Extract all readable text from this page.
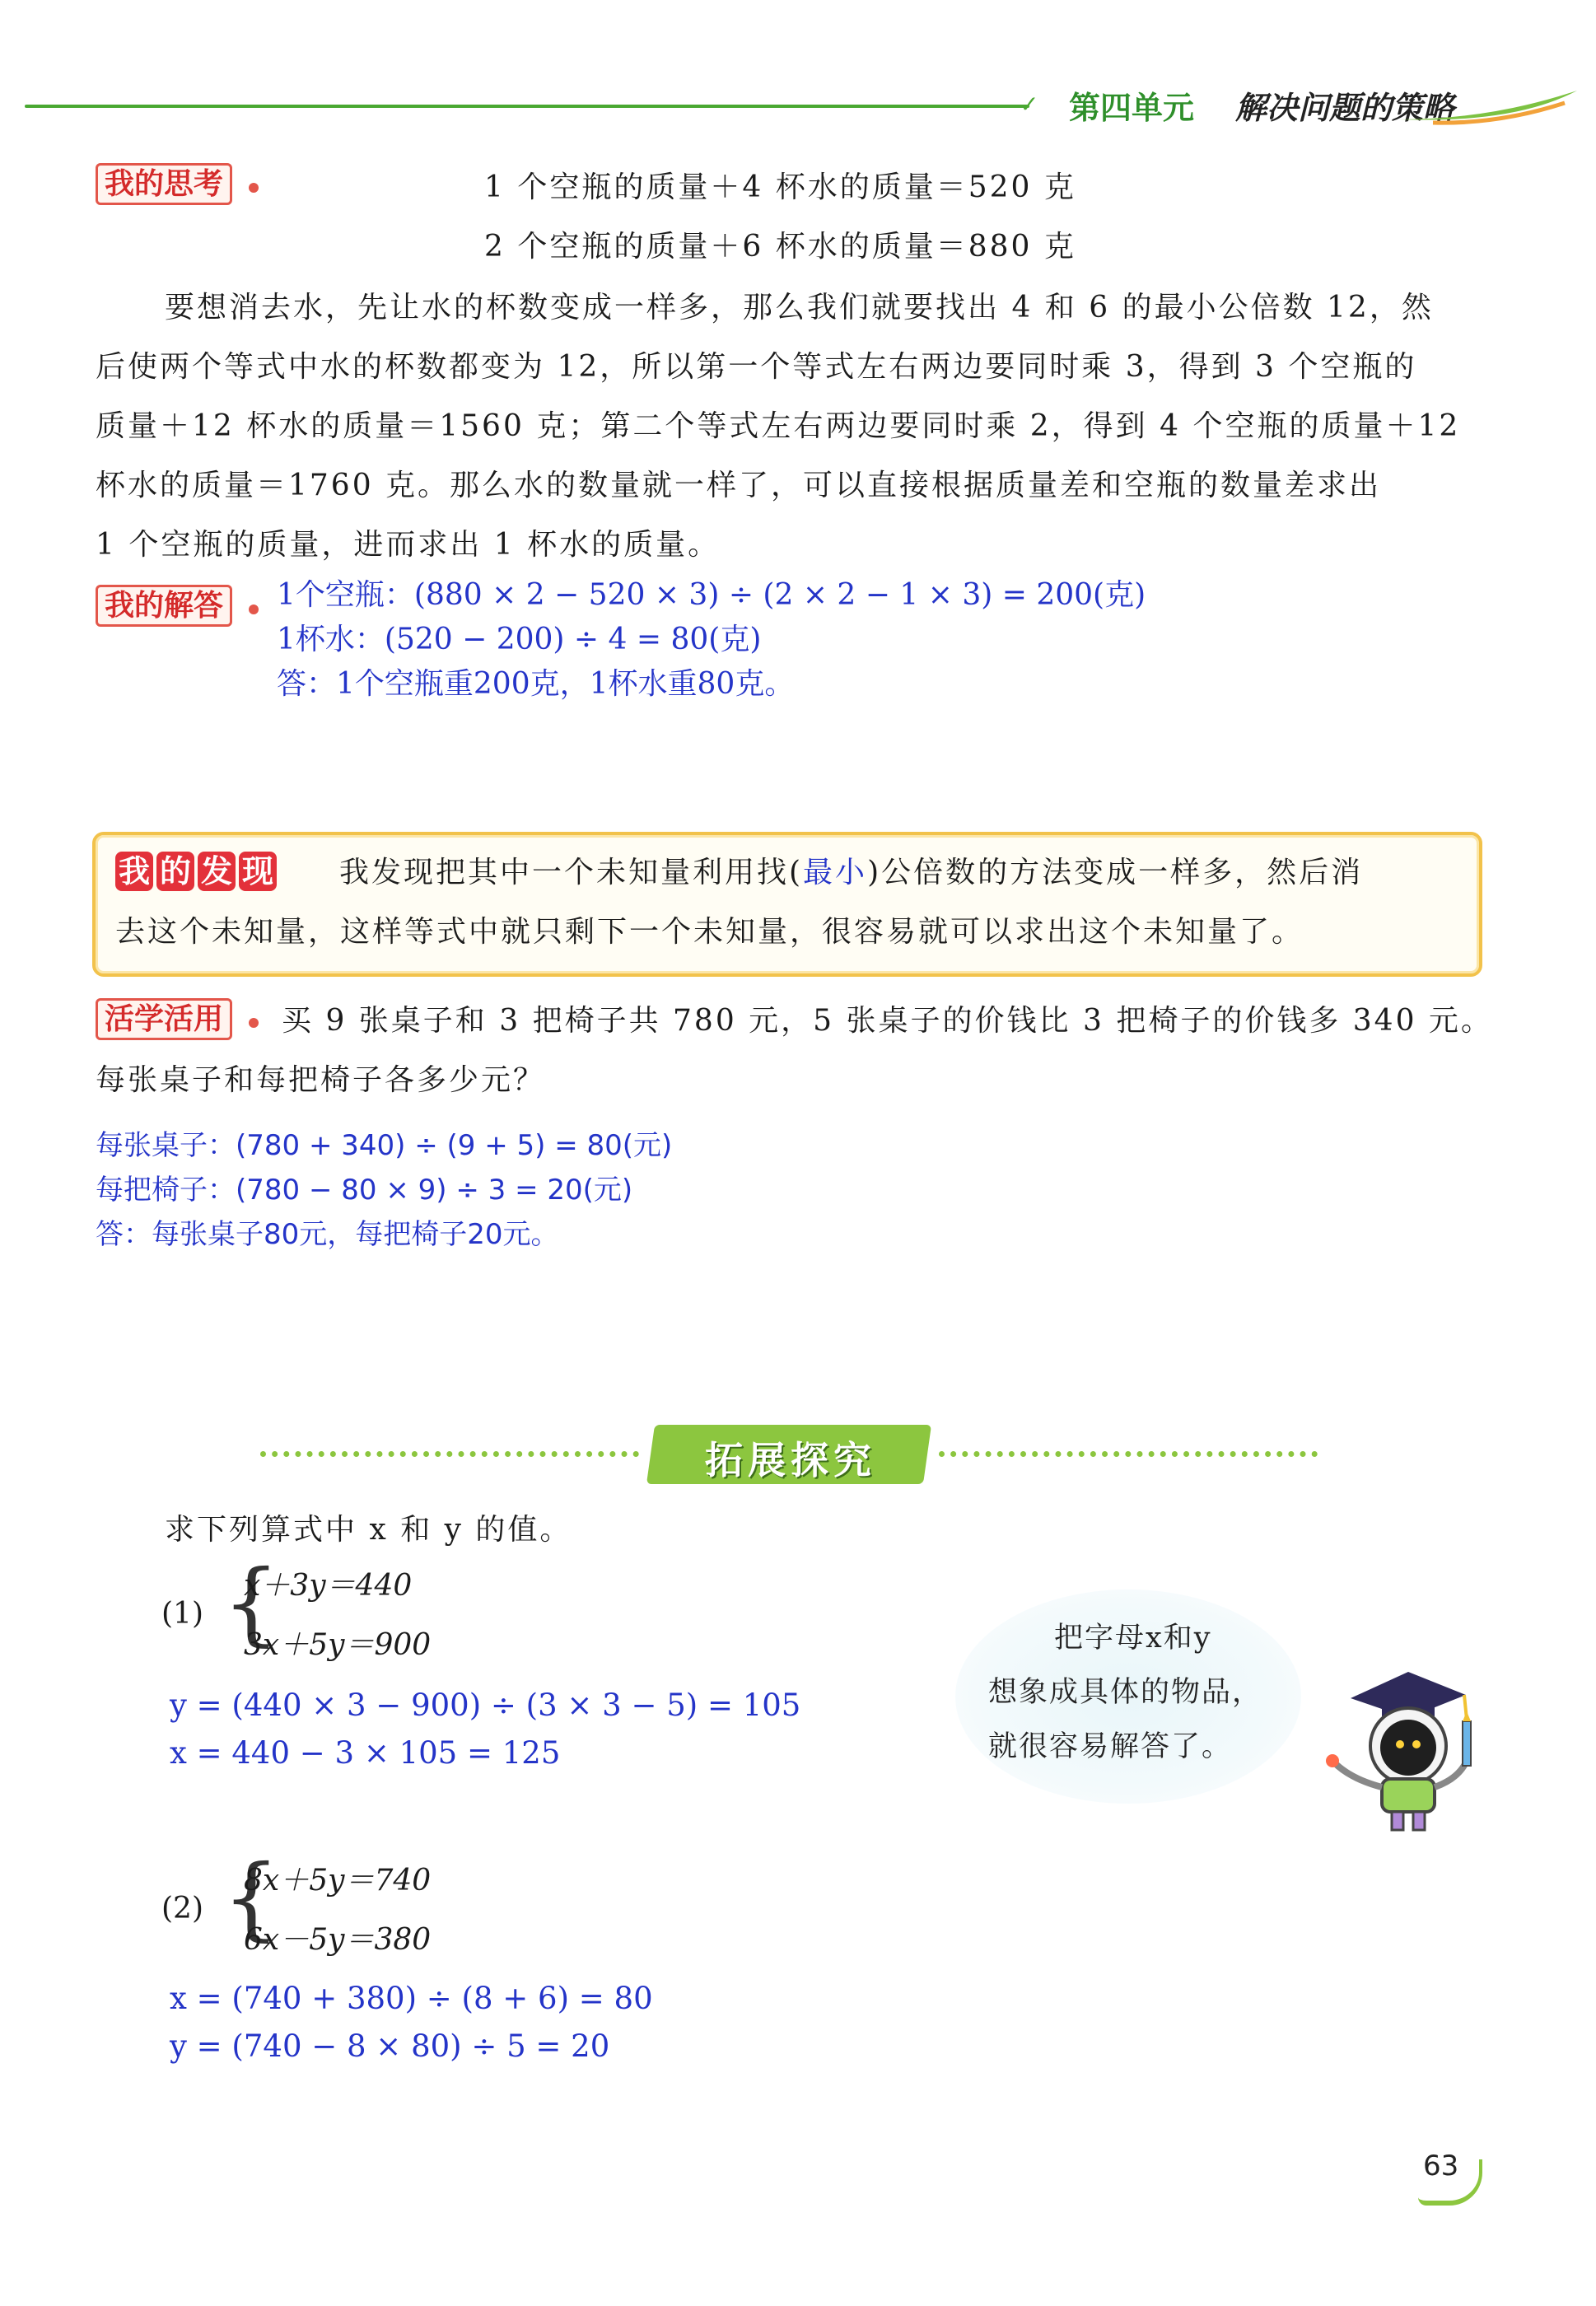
✓ 第四单元 解决问题的策略
我的思考	1 个空瓶的质量＋4 杯水的质量＝520 克
2 个空瓶的质量＋6 杯水的质量＝880 克
要想消去水，先让水的杯数变成一样多，那么我们就要找出 4 和 6 的最小公倍数 12，然
后使两个等式中水的杯数都变为 12，所以第一个等式左右两边要同时乘 3，得到 3 个空瓶的
质量＋12 杯水的质量＝1560 克；第二个等式左右两边要同时乘 2，得到 4 个空瓶的质量＋12
杯水的质量＝1760 克。那么水的数量就一样了，可以直接根据质量差和空瓶的数量差求出
1 个空瓶的质量，进而求出 1 杯水的质量。
我的解答	1个空瓶：(880 × 2 − 520 × 3) ÷ (2 × 2 − 1 × 3) = 200(克)
1杯水：(520 − 200) ÷ 4 = 80(克)
答：1个空瓶重200克，1杯水重80克。
我 的 发 现 我发现把其中一个未知量利用找(最小)公倍数的方法变成一样多，然后消
去这个未知量，这样等式中就只剩下一个未知量，很容易就可以求出这个未知量了。
活学活用	买 9 张桌子和 3 把椅子共 780 元，5 张桌子的价钱比 3 把椅子的价钱多 340 元。
每张桌子和每把椅子各多少元？
每张桌子：(780 + 340) ÷ (9 + 5) = 80(元)
每把椅子：(780 − 80 × 9) ÷ 3 = 20(元)
答：每张桌子80元，每把椅子20元。
拓展探究
求下列算式中 x 和 y 的值。
(1) {
x＋3y＝440
3x＋5y＝900
y = (440 × 3 − 900) ÷ (3 × 3 − 5) = 105
x = 440 − 3 × 105 = 125
(2) {
8x＋5y＝740
6x－5y＝380
x = (740 + 380) ÷ (8 + 6) = 80
y = (740 − 8 × 80) ÷ 5 = 20
把字母x和y
想象成具体的物品，
就很容易解答了。
63
